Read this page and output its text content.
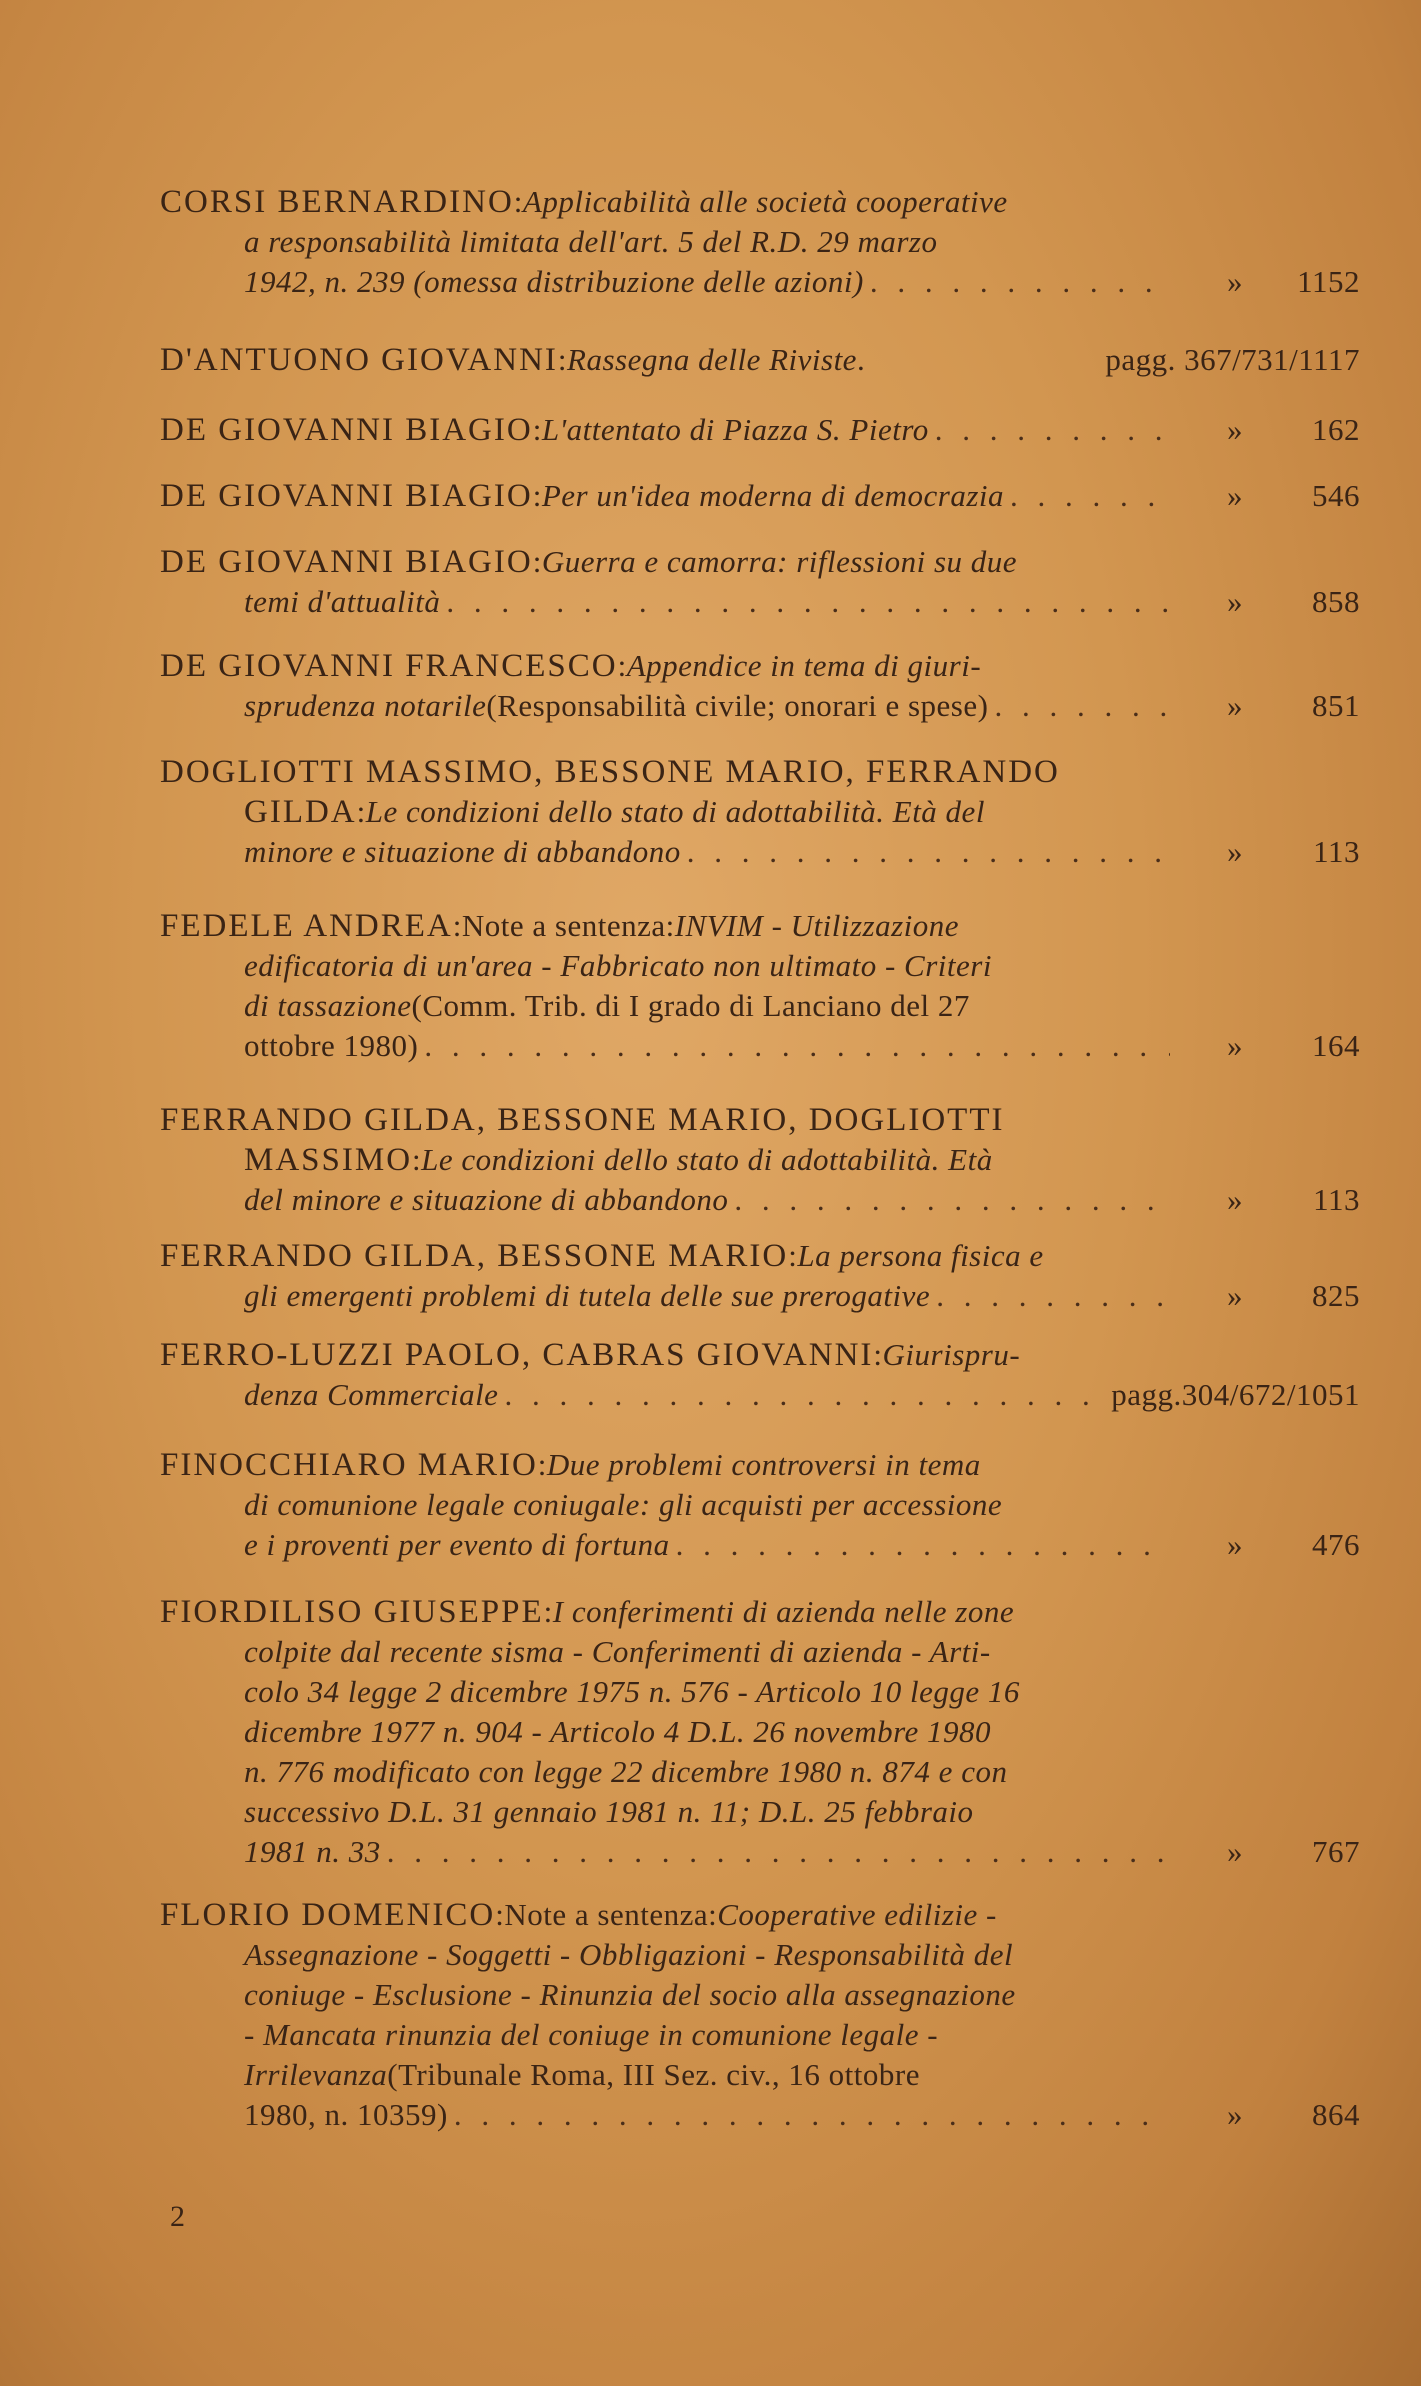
CORSI BERNARDINO : Applicabilità alle società cooperative
a responsabilità limitata dell'art. 5 del R.D. 29 marzo
1942, n. 239 (omessa distribuzione delle azioni) . . .	»	1152
D'ANTUONO GIOVANNI : Rassegna delle Riviste .	pagg. 367/731/1117
DE GIOVANNI BIAGIO : L'attentato di Piazza S. Pietro . . .	»	162
DE GIOVANNI BIAGIO : Per un'idea moderna di democrazia . . .	»	546
DE GIOVANNI BIAGIO : Guerra e camorra: riflessioni su due
temi d'attualità . . .	»	858
DE GIOVANNI FRANCESCO : Appendice in tema di giuri-
sprudenza notarile (Responsabilità civile; onorari e spese) . . .	»	851
DOGLIOTTI MASSIMO, BESSONE MARIO, FERRANDO
GILDA : Le condizioni dello stato di adottabilità. Età del
minore e situazione di abbandono . . .	»	113
FEDELE ANDREA : Note a sentenza: INVIM - Utilizzazione
edificatoria di un'area - Fabbricato non ultimato - Criteri
di tassazione (Comm. Trib. di I grado di Lanciano del 27
ottobre 1980) . . .	»	164
FERRANDO GILDA, BESSONE MARIO, DOGLIOTTI
MASSIMO : Le condizioni dello stato di adottabilità. Età
del minore e situazione di abbandono . . .	»	113
FERRANDO GILDA, BESSONE MARIO : La persona fisica e
gli emergenti problemi di tutela delle sue prerogative . . .	»	825
FERRO-LUZZI PAOLO, CABRAS GIOVANNI : Giurispru-
denza Commerciale . . .	pagg.304/672/1051
FINOCCHIARO MARIO : Due problemi controversi in tema
di comunione legale coniugale: gli acquisti per accessione
e i proventi per evento di fortuna . . .	»	476
FIORDILISO GIUSEPPE : I conferimenti di azienda nelle zone
colpite dal recente sisma - Conferimenti di azienda - Arti-
colo 34 legge 2 dicembre 1975 n. 576 - Articolo 10 legge 16
dicembre 1977 n. 904 - Articolo 4 D.L. 26 novembre 1980
n. 776 modificato con legge 22 dicembre 1980 n. 874 e con
successivo D.L. 31 gennaio 1981 n. 11; D.L. 25 febbraio
1981 n. 33 . . .	»	767
FLORIO DOMENICO : Note a sentenza: Cooperative edilizie -
Assegnazione - Soggetti - Obbligazioni - Responsabilità del
coniuge - Esclusione - Rinunzia del socio alla assegnazione
- Mancata rinunzia del coniuge in comunione legale -
Irrilevanza (Tribunale Roma, III Sez. civ., 16 ottobre
1980, n. 10359) . . .	»	864
2
